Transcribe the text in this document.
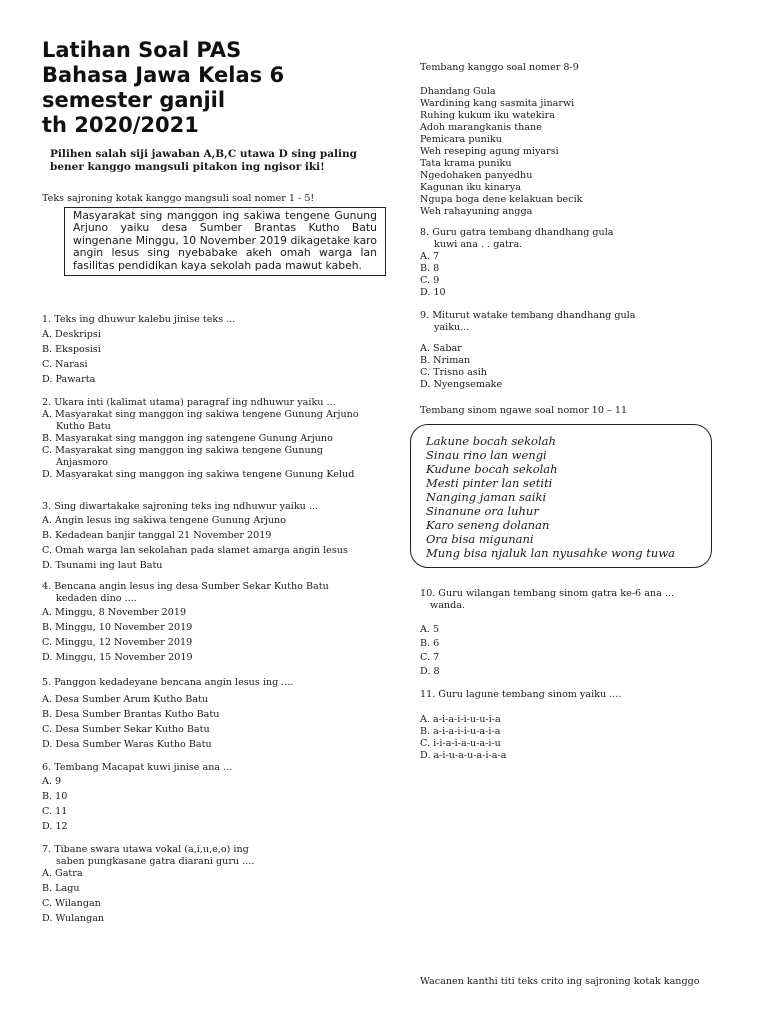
Latihan Soal PAS
Bahasa Jawa Kelas 6
semester ganjil
th 2020/2021
Pilihen salah siji jawaban A,B,C utawa D sing paling
bener kanggo mangsuli pitakon ing ngisor iki!
Teks sajroning kotak kanggo mangsuli soal nomer 1 - 5!
Masyarakat sing manggon ing sakiwa tengene Gunung Arjuno yaiku desa Sumber Brantas Kutho Batu wingenane Minggu, 10 November 2019 dikagetake karo angin lesus sing nyebabake akeh omah warga lan fasilitas pendidikan kaya sekolah pada mawut kabeh.
1. Teks ing dhuwur kalebu jinise teks ...
A. Deskripsi
B. Eksposisi
C. Narasi
D. Pawarta
2. Ukara inti (kalimat utama) paragraf ing ndhuwur yaiku ...
A. Masyarakat sing manggon ing sakiwa tengene Gunung Arjuno
Kutho Batu
B. Masyarakat sing manggon ing satengene Gunung Arjuno
C. Masyarakat sing manggon ing sakiwa tengene Gunung
Anjasmoro
D. Masyarakat sing manggon ing sakiwa tengene Gunung Kelud
3. Sing diwartakake sajroning teks ing ndhuwur yaiku ...
A. Angin lesus ing sakiwa tengene Gunung Arjuno
B. Kedadean banjir tanggal 21 November 2019
C. Omah warga lan sekolahan pada slamet amarga angin lesus
D. Tsunami ing laut Batu
4. Bencana angin lesus ing desa Sumber Sekar Kutho Batu
kedaden dino ....
A. Minggu, 8 November 2019
B. Minggu, 10 November 2019
C. Minggu, 12 November 2019
D. Minggu, 15 November 2019
5. Panggon kedadeyane bencana angin lesus ing ....
A. Desa Sumber Arum Kutho Batu
B. Desa Sumber Brantas Kutho Batu
C. Desa Sumber Sekar Kutho Batu
D. Desa Sumber Waras Kutho Batu
6. Tembang Macapat kuwi jinise ana ...
A. 9
B. 10
C. 11
D. 12
7. Tibane swara utawa vokal (a,i,u,e,o) ing
saben pungkasane gatra diarani guru ....
A. Gatra
B. Lagu
C. Wilangan
D. Wulangan
Tembang kanggo soal nomer 8-9
Dhandang Gula
Wardining kang sasmita jinarwi
Ruhing kukum iku watekira
Adoh marangkanis thane
Pemicara puniku
Weh reseping agung miyarsi
Tata krama puniku
Ngedohaken panyedhu
Kagunan iku kinarya
Ngupa boga dene kelakuan becik
Weh rahayuning angga
8. Guru gatra tembang dhandhang gula
kuwi ana . . gatra.
A. 7
B. 8
C. 9
D. 10
9. Miturut watake tembang dhandhang gula
yaiku...
A. Sabar
B. Nriman
C. Trisno asih
D. Nyengsemake
Tembang sinom ngawe soal nomor 10 – 11
Lakune bocah sekolah
Sinau rino lan wengi
Kudune bocah sekolah
Mesti pinter lan setiti
Nanging jaman saiki
Sinanune ora luhur
Karo seneng dolanan
Ora bisa migunani
Mung bisa njaluk lan nyusahke wong tuwa
10. Guru wilangan tembang sinom gatra ke-6 ana ...
wanda.
A. 5
B. 6
C. 7
D. 8
11. Guru lagune tembang sinom yaiku ....
A. a-i-a-i-i-u-u-i-a
B. a-i-a-i-i-u-a-i-a
C. i-i-a-i-a-u-a-i-u
D. a-i-u-a-u-a-i-a-a
Wacanen kanthi titi teks crito ing sajroning kotak kanggo
